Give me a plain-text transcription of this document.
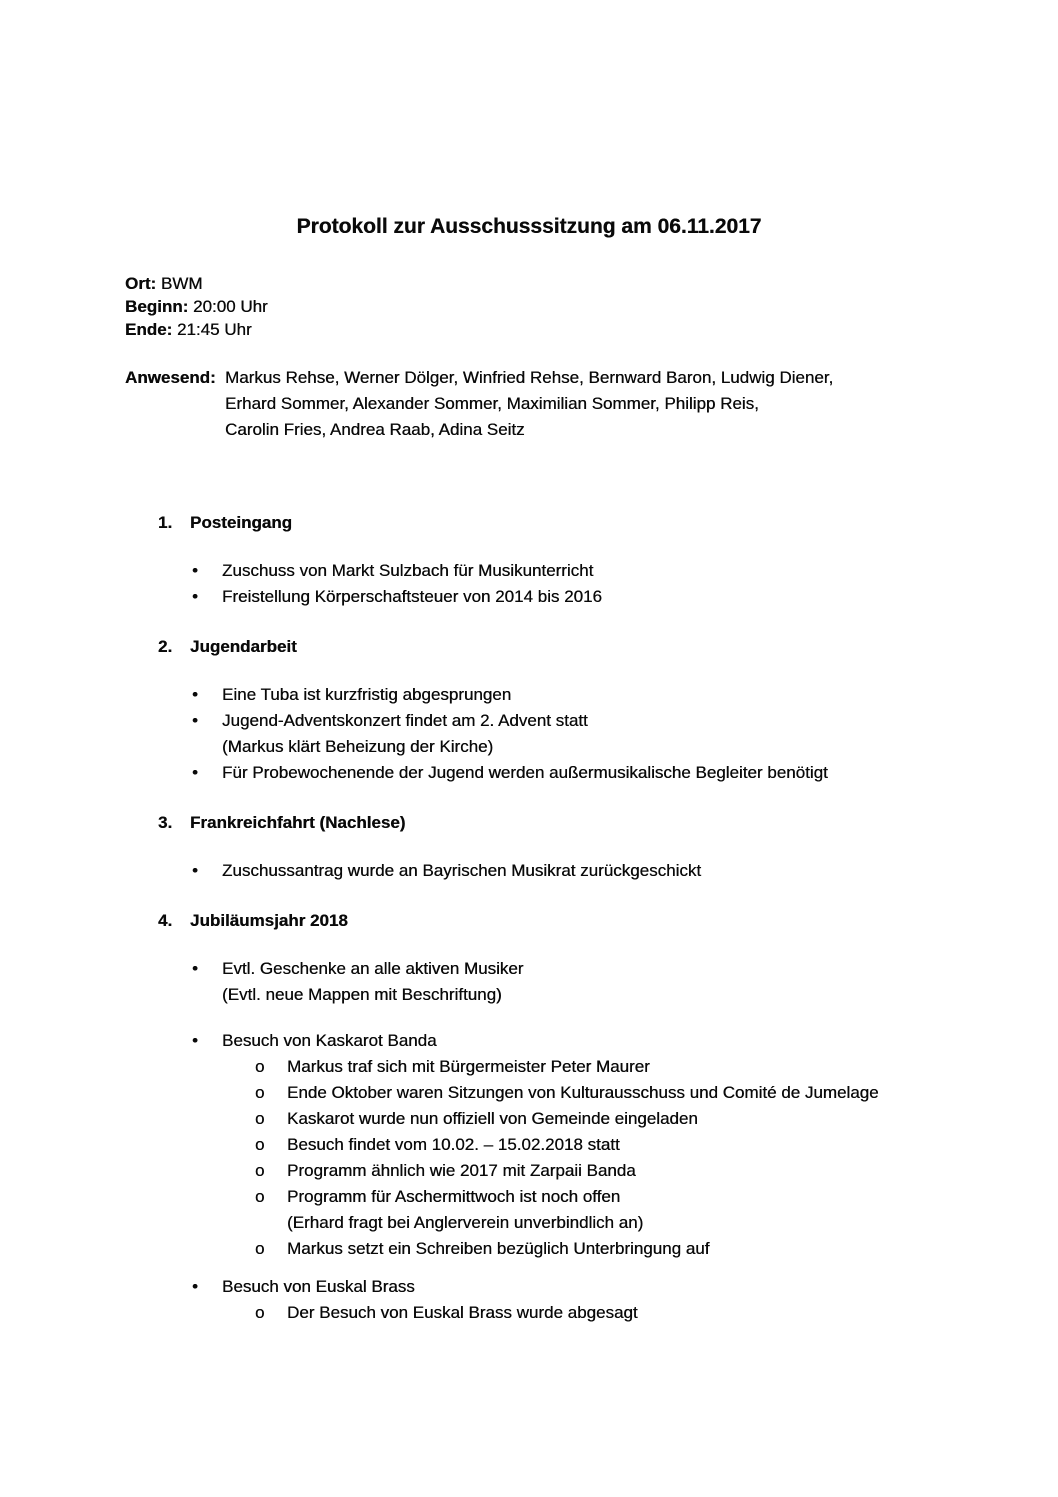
Protokoll zur Ausschusssitzung am 06.11.2017
Ort: BWM
Beginn: 20:00 Uhr
Ende: 21:45 Uhr
Anwesend: Markus Rehse, Werner Dölger, Winfried Rehse, Bernward Baron, Ludwig Diener,
Erhard Sommer, Alexander Sommer, Maximilian Sommer, Philipp Reis,
Carolin Fries, Andrea Raab, Adina Seitz
1.	Posteingang
•	Zuschuss von Markt Sulzbach für Musikunterricht
•	Freistellung Körperschaftsteuer von 2014 bis 2016
2.	Jugendarbeit
•	Eine Tuba ist kurzfristig abgesprungen
•	Jugend-Adventskonzert findet am 2. Advent statt
(Markus klärt Beheizung der Kirche)
•	Für Probewochenende der Jugend werden außermusikalische Begleiter benötigt
3.	Frankreichfahrt (Nachlese)
•	Zuschussantrag wurde an Bayrischen Musikrat zurückgeschickt
4.	Jubiläumsjahr 2018
•	Evtl. Geschenke an alle aktiven Musiker
(Evtl. neue Mappen mit Beschriftung)
•	Besuch von Kaskarot Banda
o	Markus traf sich mit Bürgermeister Peter Maurer
o	Ende Oktober waren Sitzungen von Kulturausschuss und Comité de Jumelage
o	Kaskarot wurde nun offiziell von Gemeinde eingeladen
o	Besuch findet vom 10.02. – 15.02.2018 statt
o	Programm ähnlich wie 2017 mit Zarpaii Banda
o	Programm für Aschermittwoch ist noch offen
(Erhard fragt bei Anglerverein unverbindlich an)
o	Markus setzt ein Schreiben bezüglich Unterbringung auf
•	Besuch von Euskal Brass
o	Der Besuch von Euskal Brass wurde abgesagt
